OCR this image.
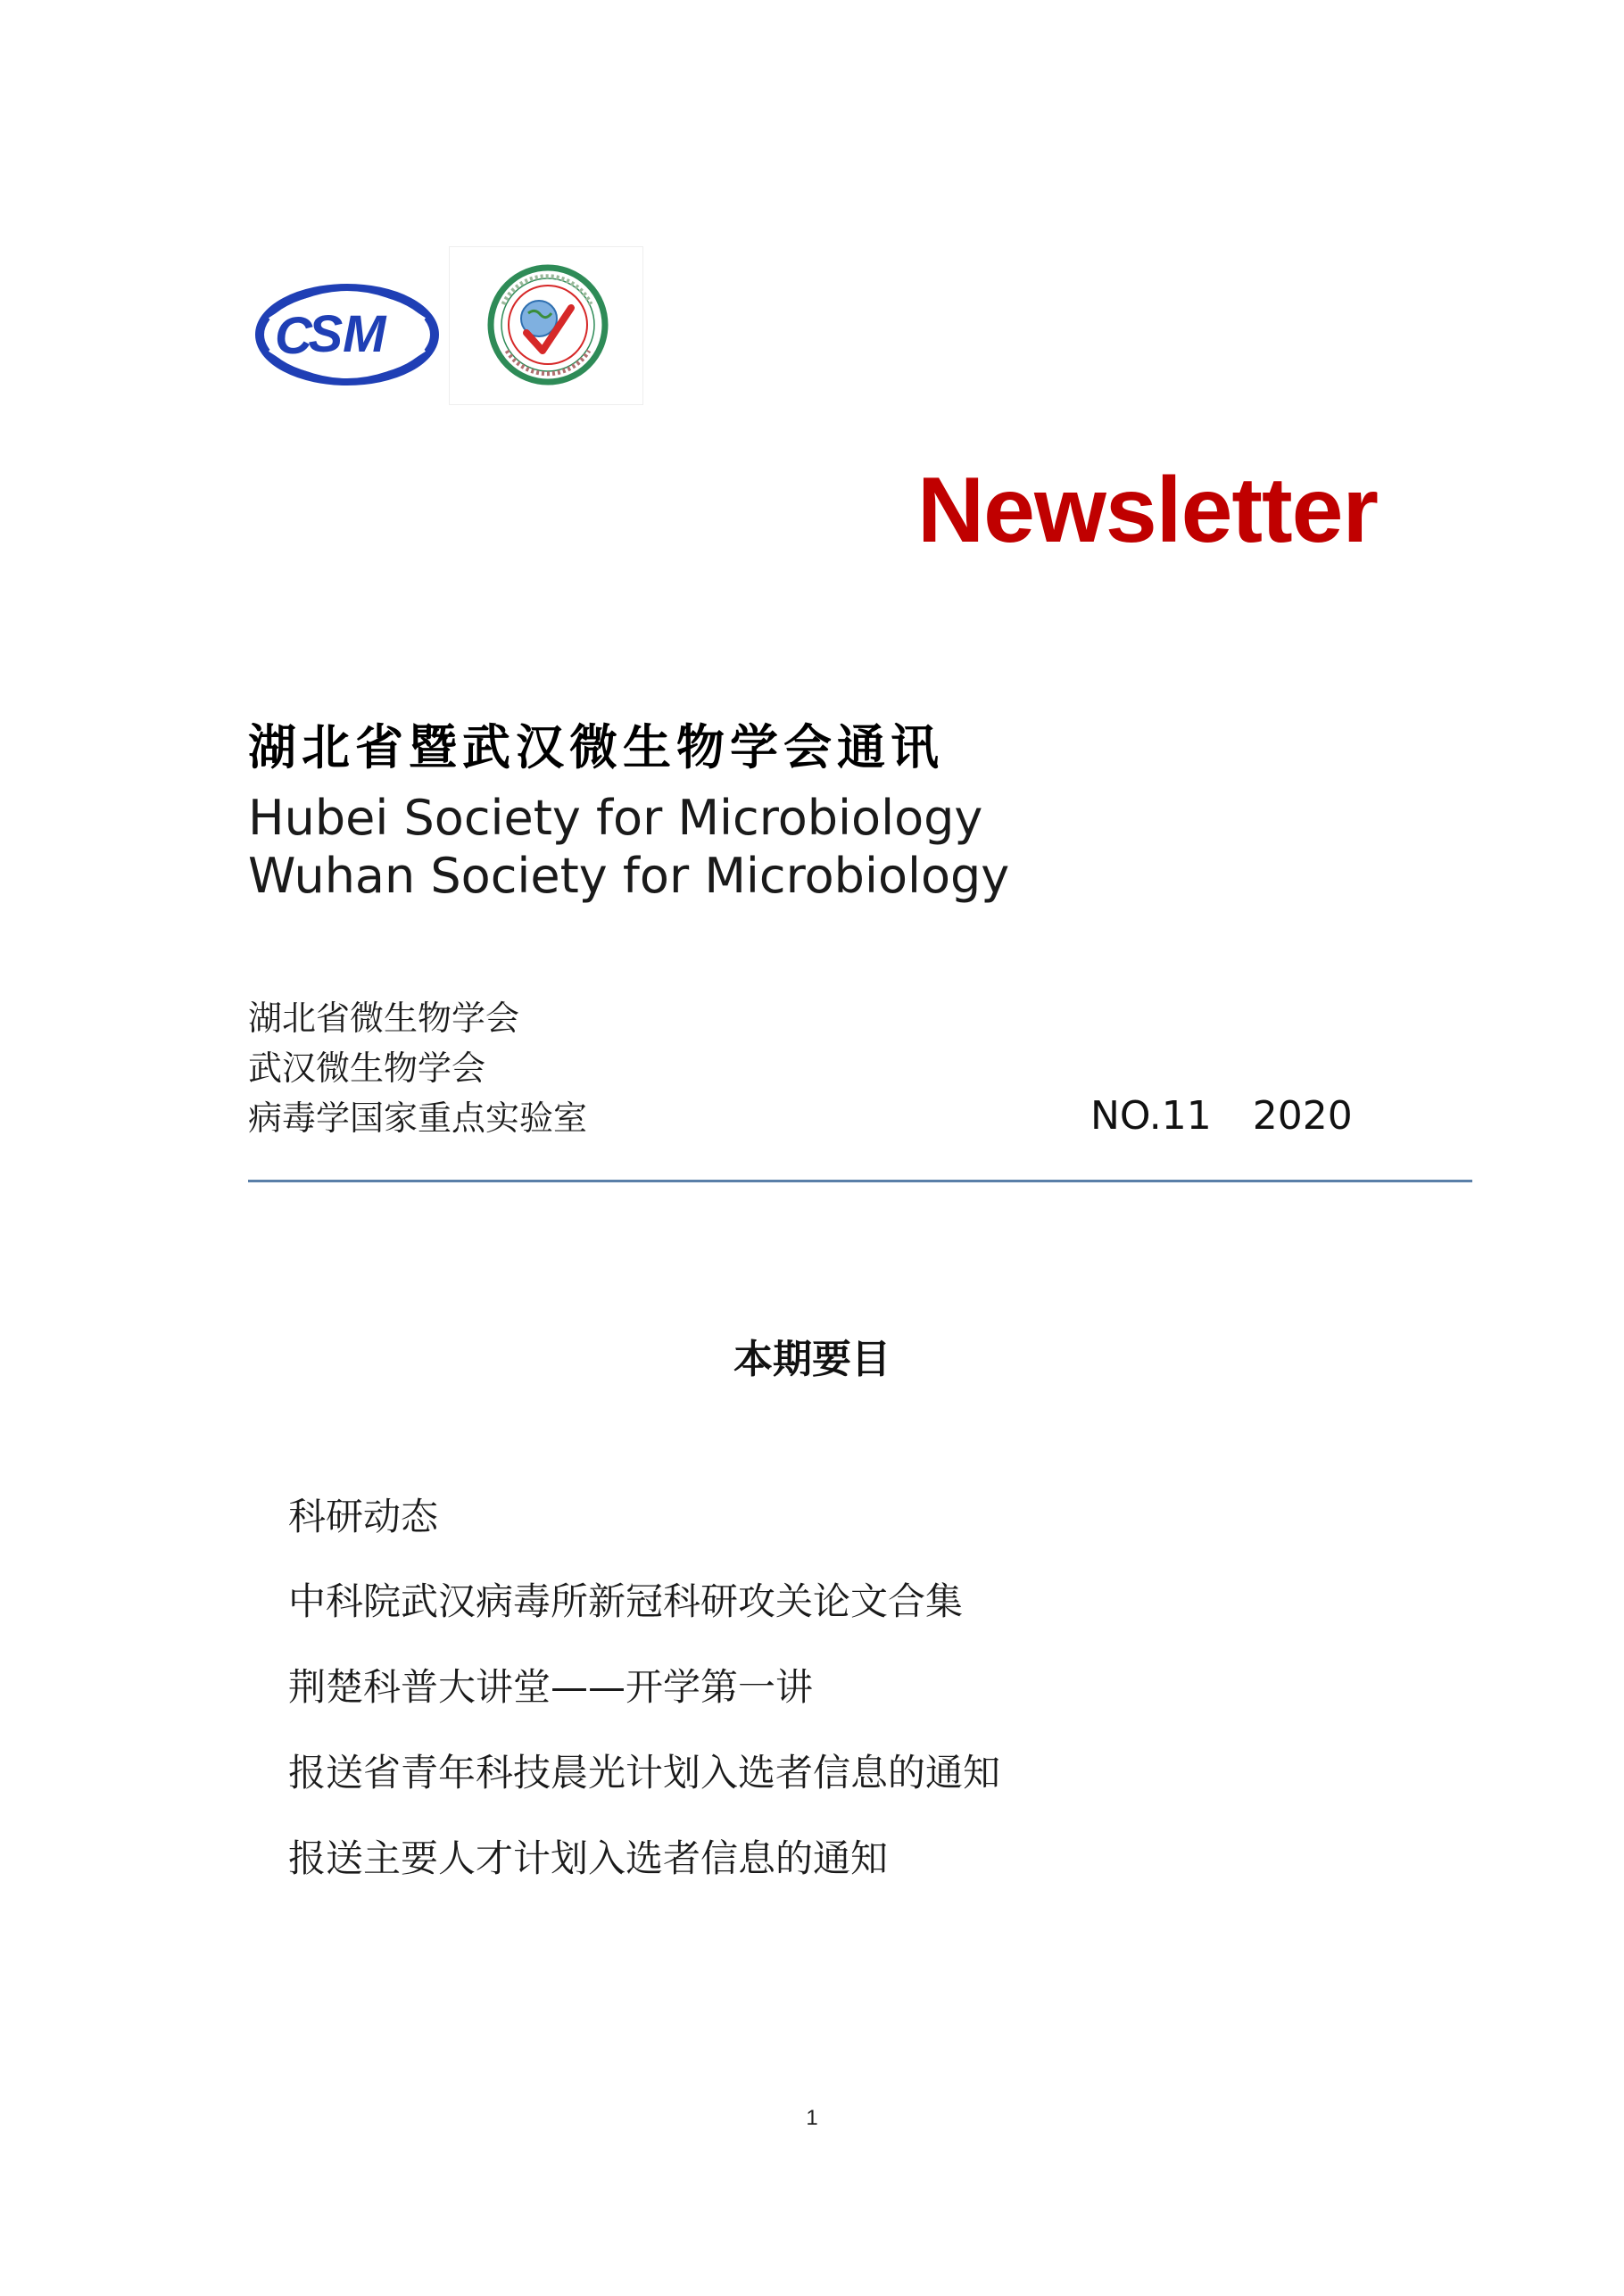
SM
C
Newsletter
湖北省暨武汉微生物学会通讯
Hubei Society for Microbiology
Wuhan Society for Microbiology
湖北省微生物学会
武汉微生物学会
病毒学国家重点实验室	NO.11 2020
本期要目
科研动态
中科院武汉病毒所新冠科研攻关论文合集
荆楚科普大讲堂——开学第一讲
报送省青年科技晨光计划入选者信息的通知
报送主要人才计划入选者信息的通知
1
